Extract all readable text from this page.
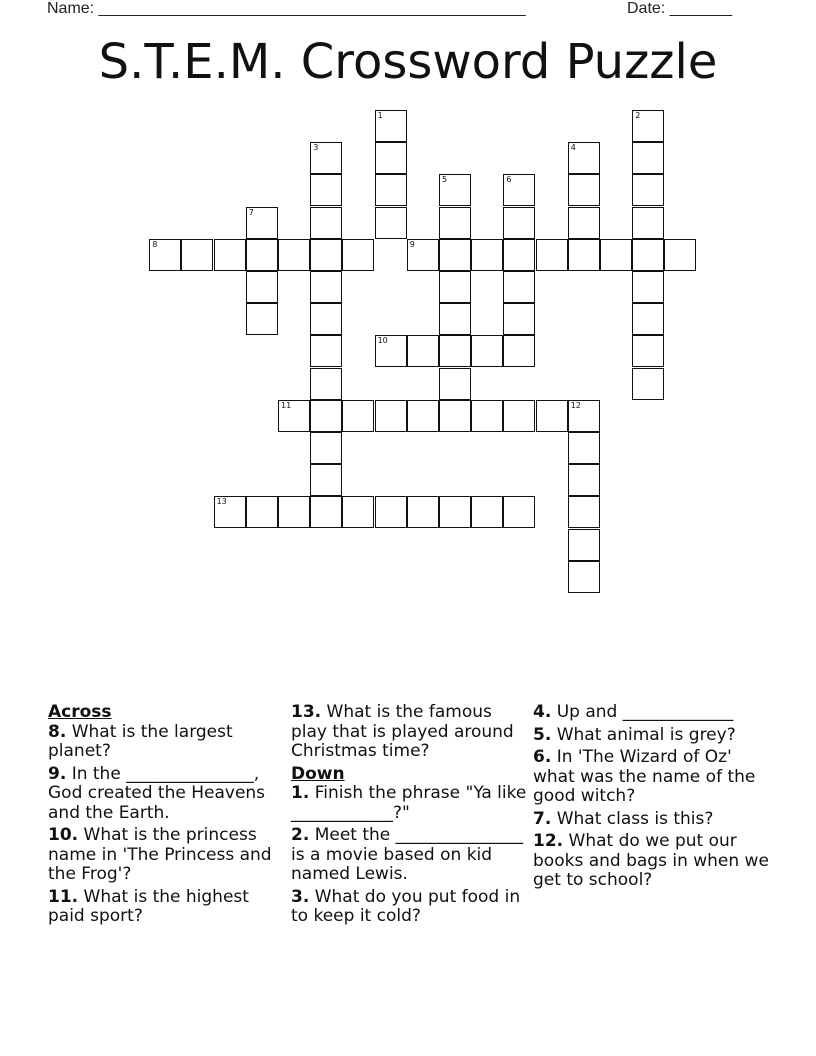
Name: ________________________________________________	Date: _______
S.T.E.M. Crossword Puzzle
1	2
3	4
5	6
7
8	9
10
11	12
13
Across
8. What is the largest planet?
9. In the _______________, God created the Heavens and the Earth.
10. What is the princess name in 'The Princess and the Frog'?
11. What is the highest paid sport?
13. What is the famous play that is played around Christmas time?
Down
1. Finish the phrase "Ya like ____________?"
2. Meet the _______________ is a movie based on kid named Lewis.
3. What do you put food in to keep it cold?
4. Up and _____________
5. What animal is grey?
6. In 'The Wizard of Oz' what was the name of the good witch?
7. What class is this?
12. What do we put our books and bags in when we get to school?
